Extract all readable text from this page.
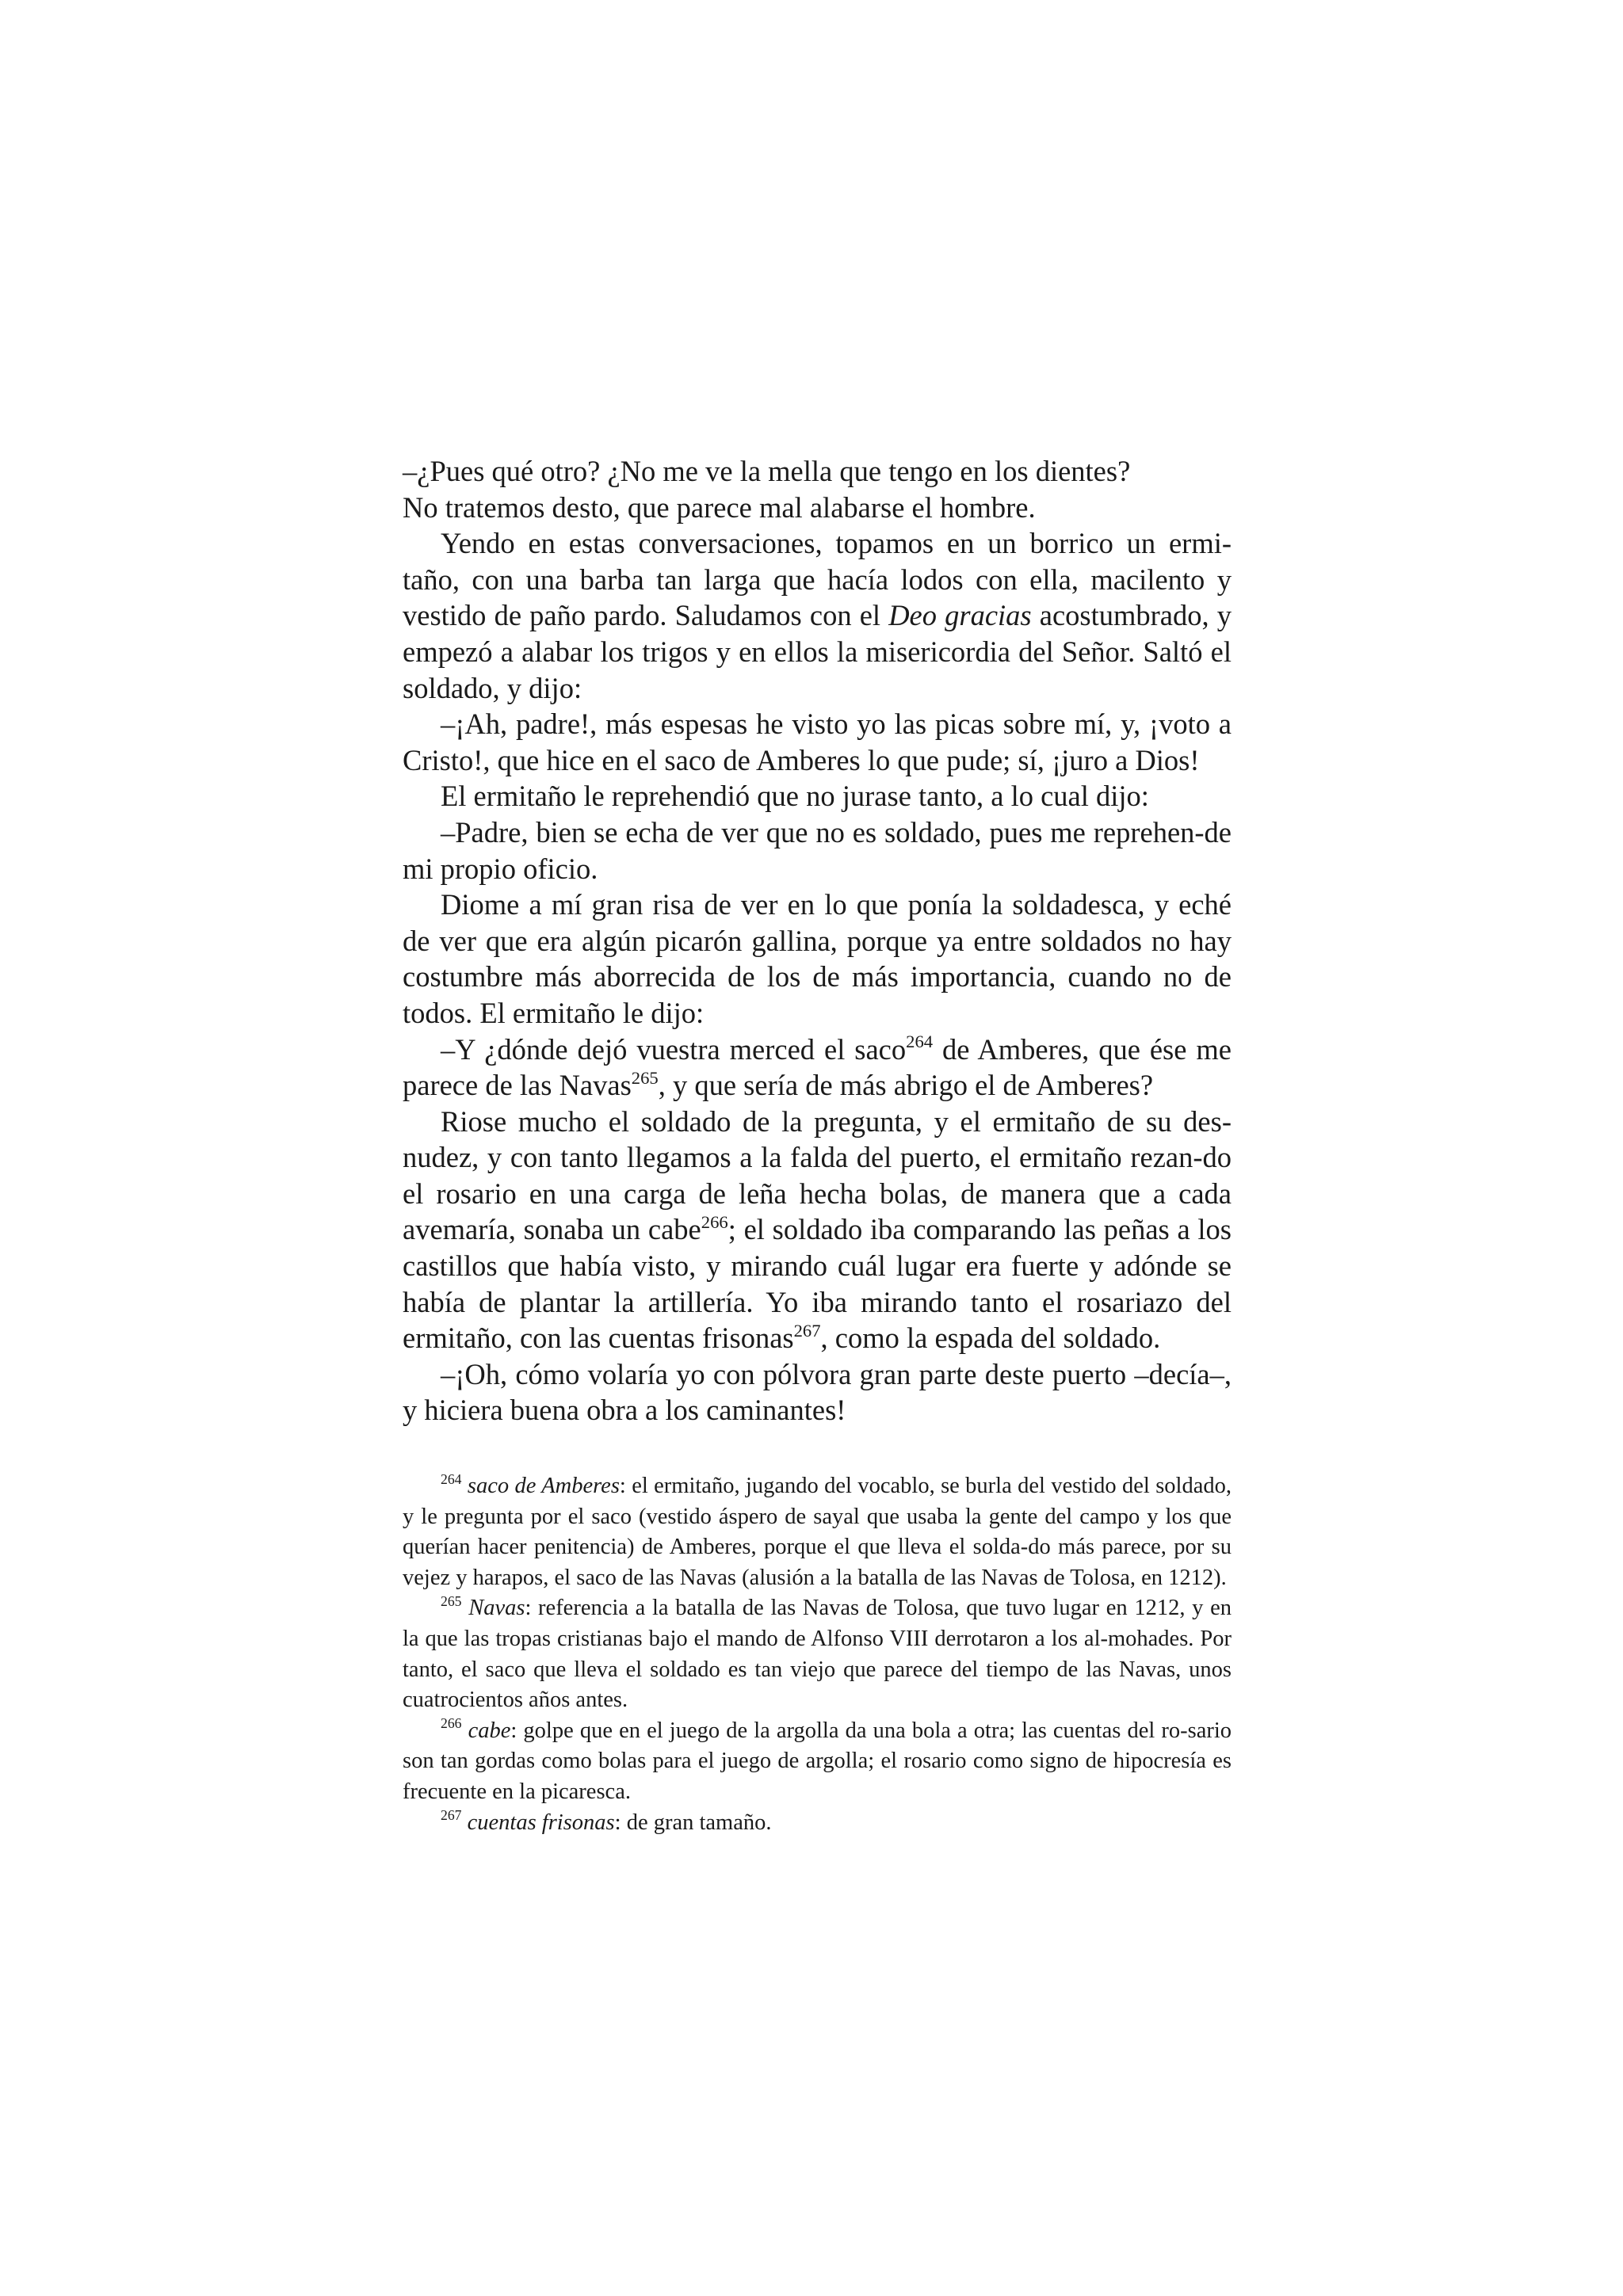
–¿Pues qué otro? ¿No me ve la mella que tengo en los dientes?
No tratemos desto, que parece mal alabarse el hombre.

Yendo en estas conversaciones, topamos en un borrico un ermi-taño, con una barba tan larga que hacía lodos con ella, macilento y vestido de paño pardo. Saludamos con el Deo gracias acostumbrado, y empezó a alabar los trigos y en ellos la misericordia del Señor. Saltó el soldado, y dijo:

–¡Ah, padre!, más espesas he visto yo las picas sobre mí, y, ¡voto a Cristo!, que hice en el saco de Amberes lo que pude; sí, ¡juro a Dios!

El ermitaño le reprehendió que no jurase tanto, a lo cual dijo:

–Padre, bien se echa de ver que no es soldado, pues me reprehen-de mi propio oficio.

Diome a mí gran risa de ver en lo que ponía la soldadesca, y eché de ver que era algún picarón gallina, porque ya entre soldados no hay costumbre más aborrecida de los de más importancia, cuando no de todos. El ermitaño le dijo:

–Y ¿dónde dejó vuestra merced el saco$^{264}$ de Amberes, que ése me parece de las Navas$^{265}$, y que sería de más abrigo el de Amberes?

Riose mucho el soldado de la pregunta, y el ermitaño de su des-nudez, y con tanto llegamos a la falda del puerto, el ermitaño rezan-do el rosario en una carga de leña hecha bolas, de manera que a cada avemaría, sonaba un cabe$^{266}$; el soldado iba comparando las peñas a los castillos que había visto, y mirando cuál lugar era fuerte y adónde se había de plantar la artillería. Yo iba mirando tanto el rosariazo del ermitaño, con las cuentas frisonas$^{267}$, como la espada del soldado.

–¡Oh, cómo volaría yo con pólvora gran parte deste puerto –decía–, y hiciera buena obra a los caminantes!

$^{264}$ saco de Amberes: el ermitaño, jugando del vocablo, se burla del vestido del soldado, y le pregunta por el saco (vestido áspero de sayal que usaba la gente del campo y los que querían hacer penitencia) de Amberes, porque el que lleva el solda-do más parece, por su vejez y harapos, el saco de las Navas (alusión a la batalla de las Navas de Tolosa, en 1212).

$^{265}$ Navas: referencia a la batalla de las Navas de Tolosa, que tuvo lugar en 1212, y en la que las tropas cristianas bajo el mando de Alfonso VIII derrotaron a los al-mohades. Por tanto, el saco que lleva el soldado es tan viejo que parece del tiempo de las Navas, unos cuatrocientos años antes.

$^{266}$ cabe: golpe que en el juego de la argolla da una bola a otra; las cuentas del ro-sario son tan gordas como bolas para el juego de argolla; el rosario como signo de hipocresía es frecuente en la picaresca.

$^{267}$ cuentas frisonas: de gran tamaño.
